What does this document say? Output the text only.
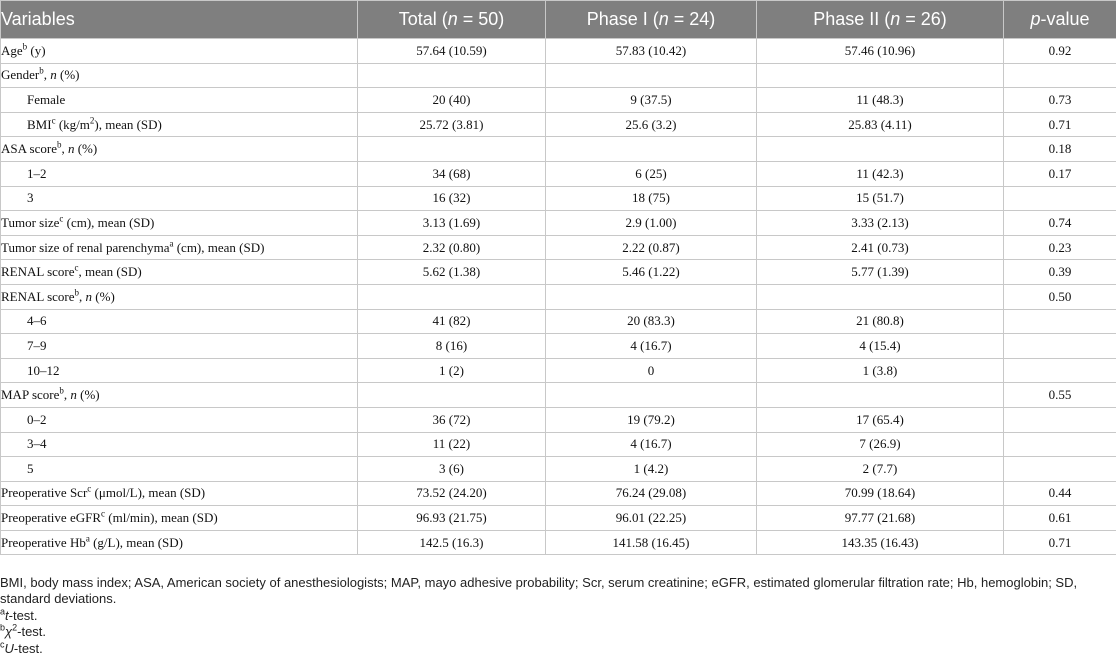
Variables	Total (n = 50)	Phase I (n = 24)	Phase II (n = 26)	p-value
Age$^b$ (y)	57.64 (10.59)	57.83 (10.42)	57.46 (10.96)	0.92
Gender$^b$, n (%)				
Female	20 (40)	9 (37.5)	11 (48.3)	0.73
BMI$^c$ $(kg/m^2)$, mean (SD)	25.72 (3.81)	25.6 (3.2)	25.83 (4.11)	0.71
ASA score$^b$, n (%)				0.18
1–2	34 (68)	6 (25)	11 (42.3)	0.17
3	16 (32)	18 (75)	15 (51.7)	
Tumor size$^c$ (cm), mean (SD)	3.13 (1.69)	2.9 (1.00)	3.33 (2.13)	0.74
Tumor size of renal parenchyma$^a$ (cm), mean (SD)	2.32 (0.80)	2.22 (0.87)	2.41 (0.73)	0.23
RENAL score$^c$, mean (SD)	5.62 (1.38)	5.46 (1.22)	5.77 (1.39)	0.39
RENAL score$^b$, n (%)				0.50
4–6	41 (82)	20 (83.3)	21 (80.8)	
7–9	8 (16)	4 (16.7)	4 (15.4)	
10–12	1 (2)	0	1 (3.8)	
MAP score$^b$, n (%)				0.55
0–2	36 (72)	19 (79.2)	17 (65.4)	
3–4	11 (22)	4 (16.7)	7 (26.9)	
5	3 (6)	1 (4.2)	2 (7.7)	
Preoperative Scr$^c$ (μmol/L), mean (SD)	73.52 (24.20)	76.24 (29.08)	70.99 (18.64)	0.44
Preoperative eGFR$^c$ (ml/min), mean (SD)	96.93 (21.75)	96.01 (22.25)	97.77 (21.68)	0.61
Preoperative Hb$^a$ (g/L), mean (SD)	142.5 (16.3)	141.58 (16.45)	143.35 (16.43)	0.71

BMI, body mass index; ASA, American society of anesthesiologists; MAP, mayo adhesive probability; Scr, serum creatinine; eGFR, estimated glomerular filtration rate; Hb, hemoglobin; SD, standard deviations.

$^a$t-test.

$^b\chi^2$-test.

$^c$U-test.
